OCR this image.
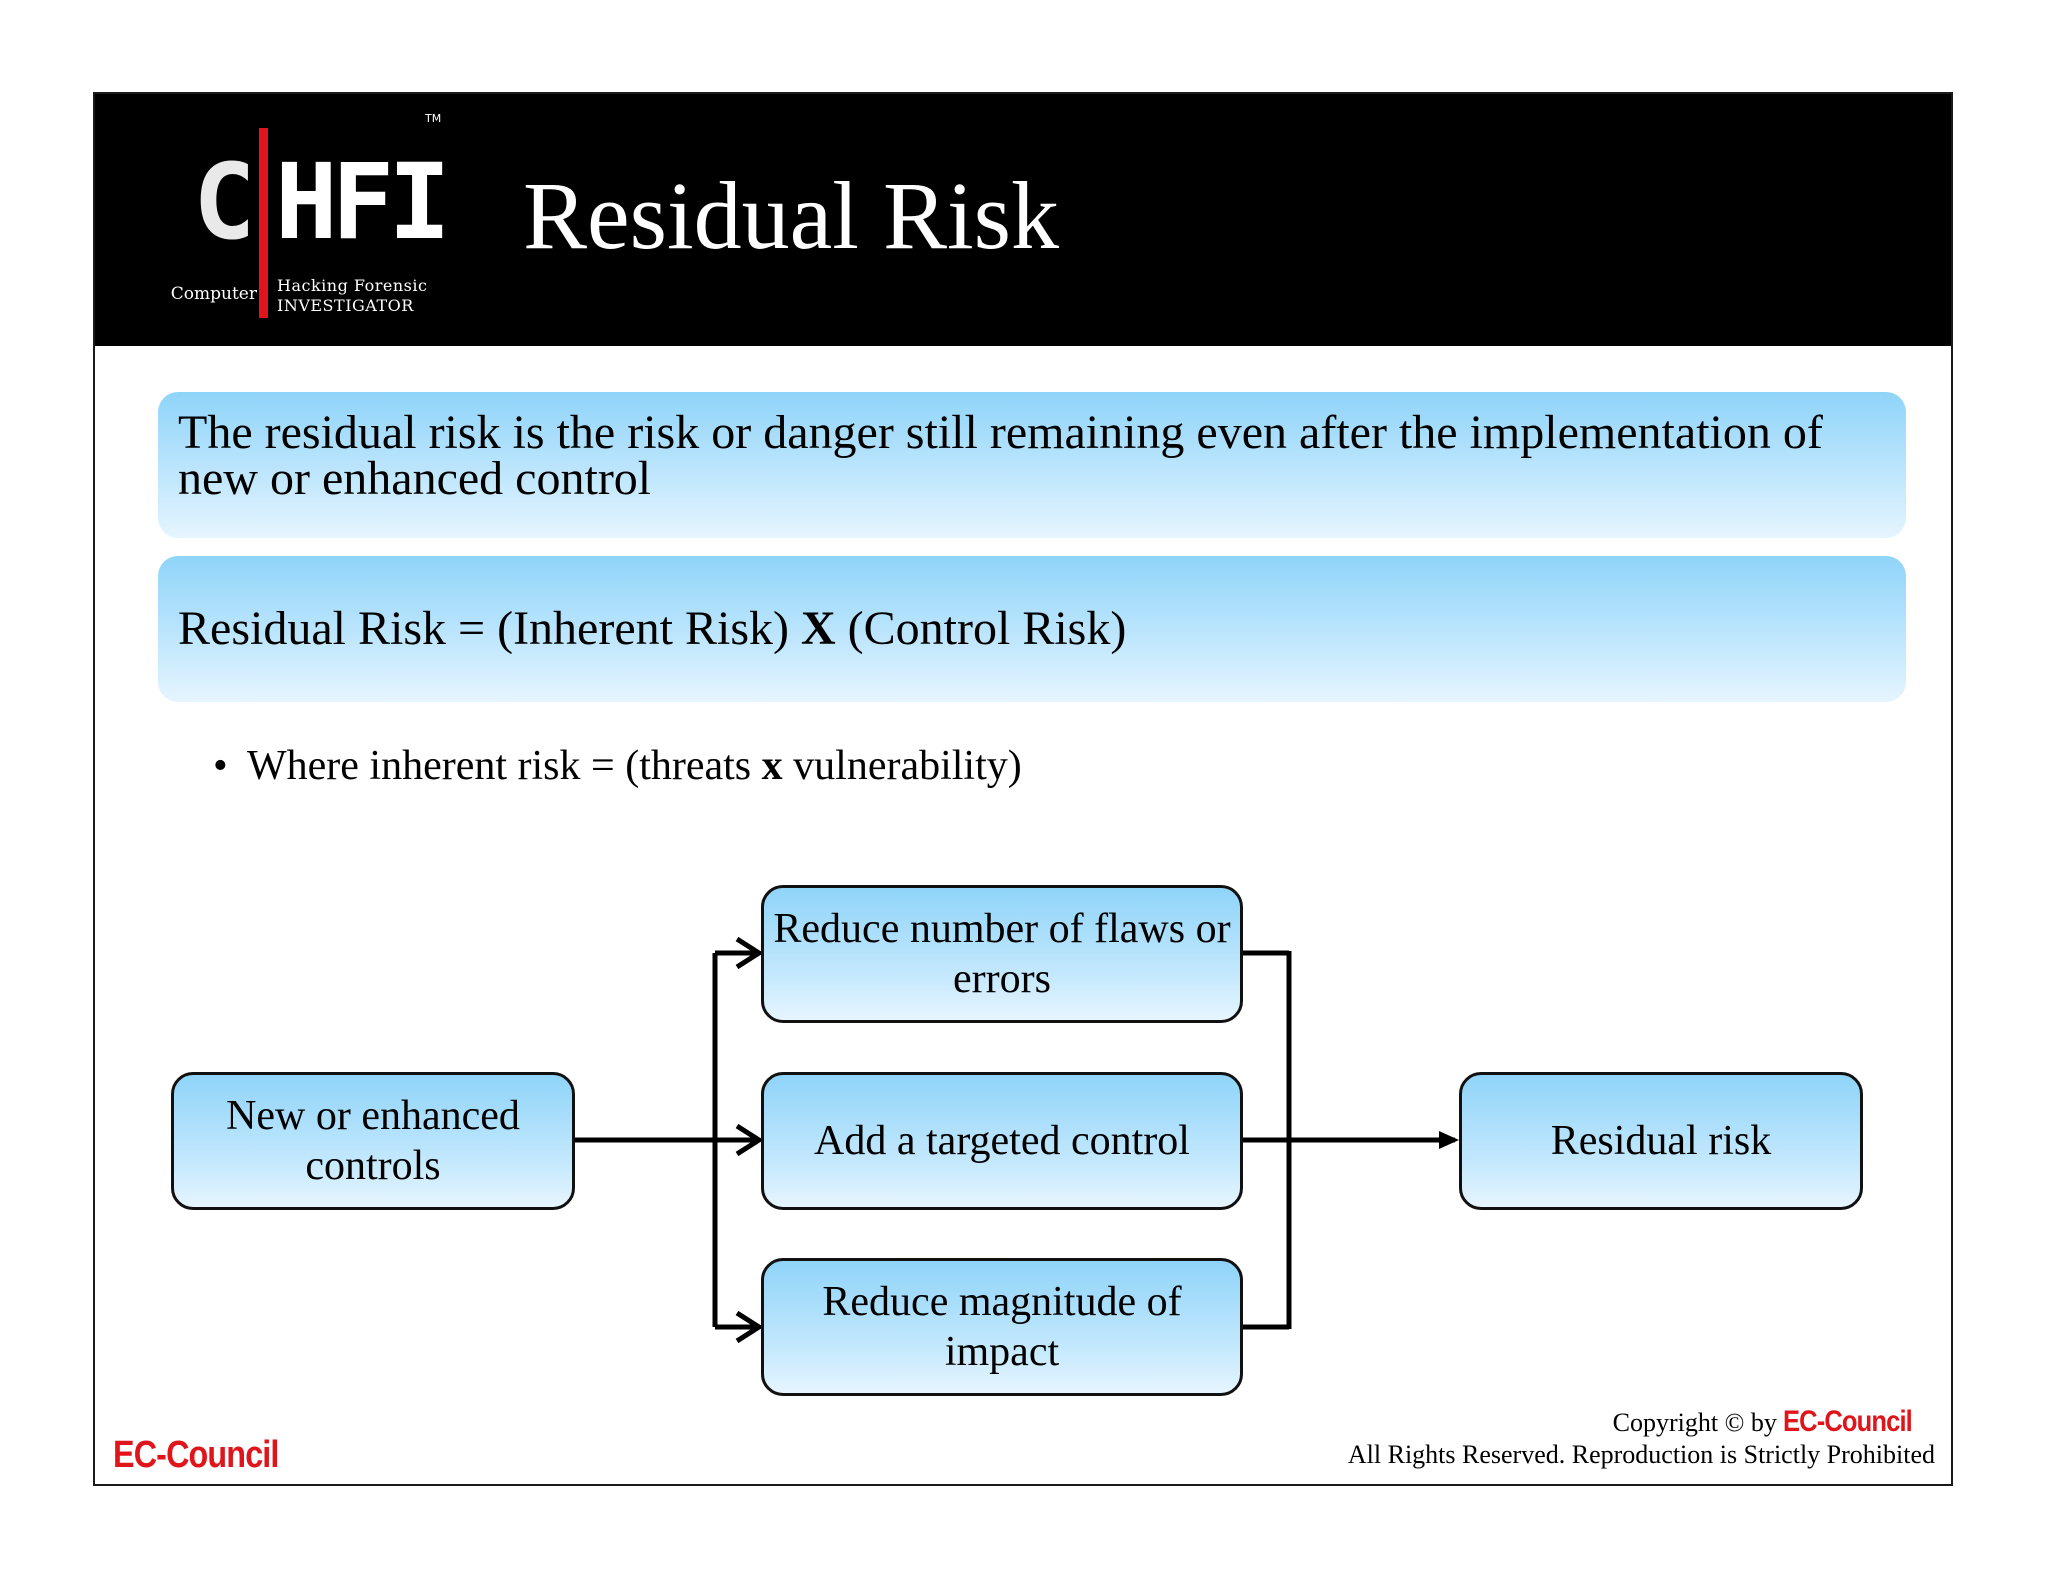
C HFI
TM
Computer Hacking Forensic
INVESTIGATOR
Residual Risk
The residual risk is the risk or danger still remaining even after the implementation of new or enhanced control
Residual Risk = (Inherent Risk) X (Control Risk)
• Where inherent risk = (threats x vulnerability)
New or enhanced controls
Reduce number of flaws or errors
Add a targeted control
Reduce magnitude of impact
Residual risk
EC-Council
Copyright © by EC-Council
All Rights Reserved. Reproduction is Strictly Prohibited
